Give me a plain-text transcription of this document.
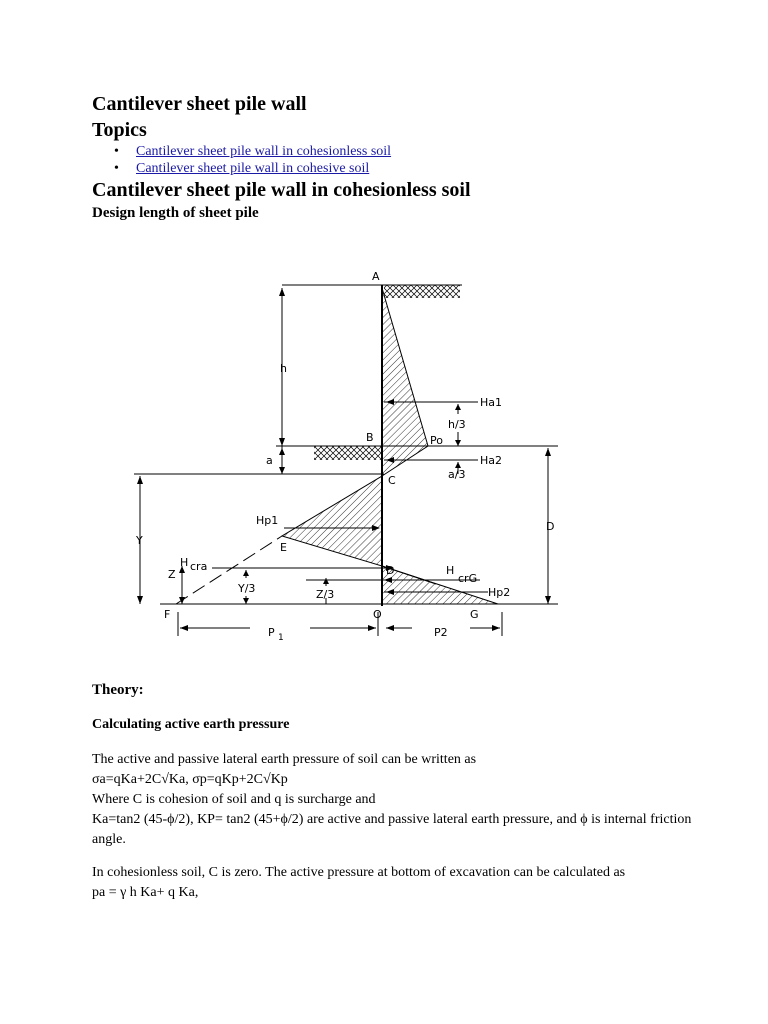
Cantilever sheet pile wall
Topics
• Cantilever sheet pile wall in cohesionless soil
• Cantilever sheet pile wall in cohesive soil
Cantilever sheet pile wall in cohesionless soil
Design length of sheet pile
A
B
C
D
E
F	G
O
h
a
Y
Z
D
Po
Ha1
h/3
Ha2
a/3
Hp1
H cra
Y/3	Z/3
H
crG
Hp2
P 1	P2
Theory:
Calculating active earth pressure
The active and passive lateral earth pressure of soil can be written as
σa=qKa+2C√Ka, σp=qKp+2C√Kp
Where C is cohesion of soil and q is surcharge and
Ka=tan2 (45-ϕ/2), KP= tan2 (45+ϕ/2) are active and passive lateral earth pressure, and ϕ is internal friction angle.
In cohesionless soil, C is zero. The active pressure at bottom of excavation can be calculated as
pa = γ h Ka+ q Ka,
